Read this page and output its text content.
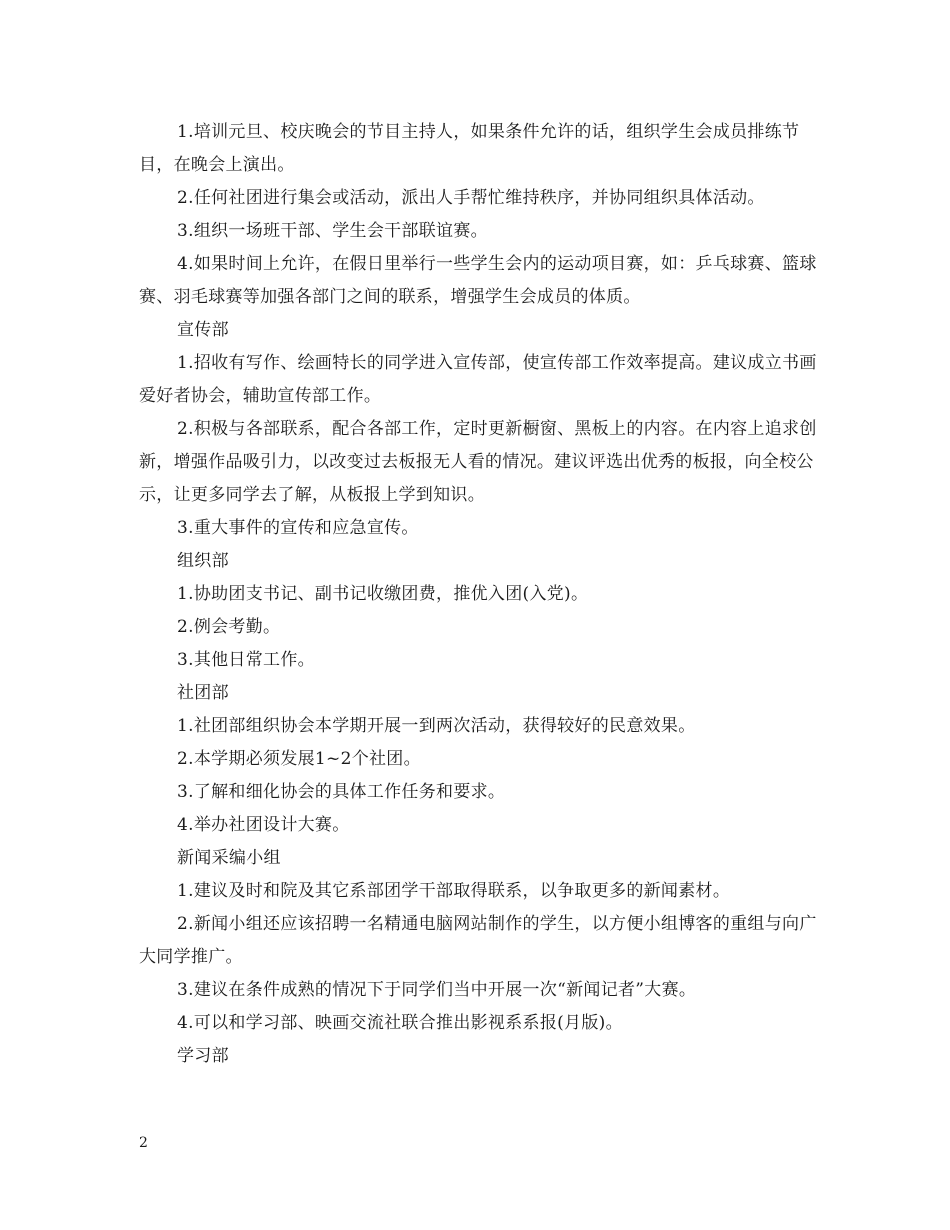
1.培训元旦、校庆晚会的节目主持人，如果条件允许的话，组织学生会成员排练节目，在晚会上演出。

2.任何社团进行集会或活动，派出人手帮忙维持秩序，并协同组织具体活动。

3.组织一场班干部、学生会干部联谊赛。

4.如果时间上允许，在假日里举行一些学生会内的运动项目赛，如：乒乓球赛、篮球赛、羽毛球赛等加强各部门之间的联系，增强学生会成员的体质。

宣传部

1.招收有写作、绘画特长的同学进入宣传部，使宣传部工作效率提高。建议成立书画爱好者协会，辅助宣传部工作。

2.积极与各部联系，配合各部工作，定时更新橱窗、黑板上的内容。在内容上追求创新，增强作品吸引力，以改变过去板报无人看的情况。建议评选出优秀的板报，向全校公示，让更多同学去了解，从板报上学到知识。

3.重大事件的宣传和应急宣传。

组织部

1.协助团支书记、副书记收缴团费，推优入团(入党)。

2.例会考勤。

3.其他日常工作。

社团部

1.社团部组织协会本学期开展一到两次活动，获得较好的民意效果。

2.本学期必须发展1~2个社团。

3.了解和细化协会的具体工作任务和要求。

4.举办社团设计大赛。

新闻采编小组

1.建议及时和院及其它系部团学干部取得联系，以争取更多的新闻素材。

2.新闻小组还应该招聘一名精通电脑网站制作的学生，以方便小组博客的重组与向广大同学推广。

3.建议在条件成熟的情况下于同学们当中开展一次“新闻记者”大赛。

4.可以和学习部、映画交流社联合推出影视系系报(月版)。

学习部

2
